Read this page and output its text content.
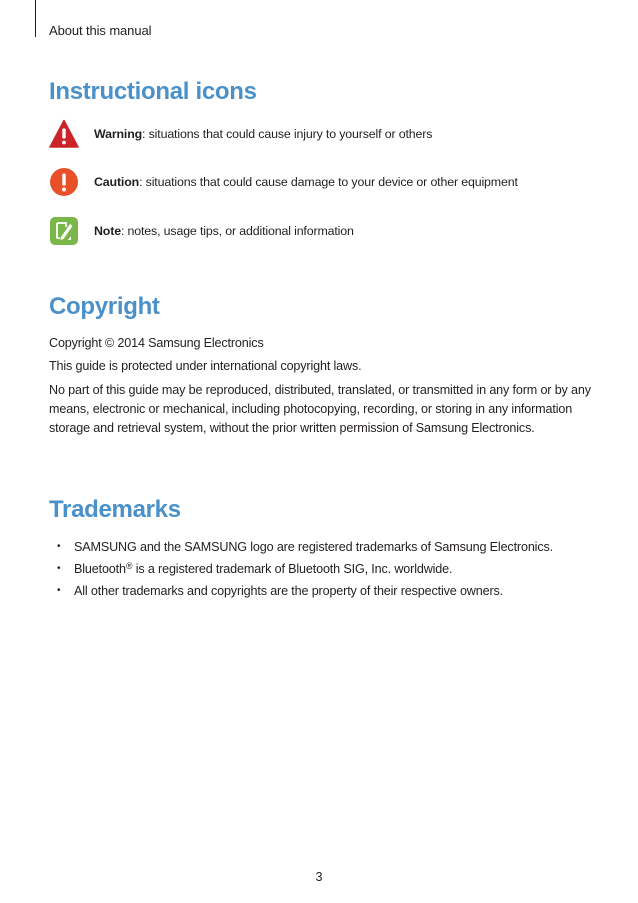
About this manual
Instructional icons
Warning: situations that could cause injury to yourself or others
Caution: situations that could cause damage to your device or other equipment
Note: notes, usage tips, or additional information
Copyright

Copyright © 2014 Samsung Electronics

This guide is protected under international copyright laws.

No part of this guide may be reproduced, distributed, translated, or transmitted in any form or by any means, electronic or mechanical, including photocopying, recording, or storing in any information storage and retrieval system, without the prior written permission of Samsung Electronics.

Trademarks
• SAMSUNG and the SAMSUNG logo are registered trademarks of Samsung Electronics.
• Bluetooth® is a registered trademark of Bluetooth SIG, Inc. worldwide.
• All other trademarks and copyrights are the property of their respective owners.
3
